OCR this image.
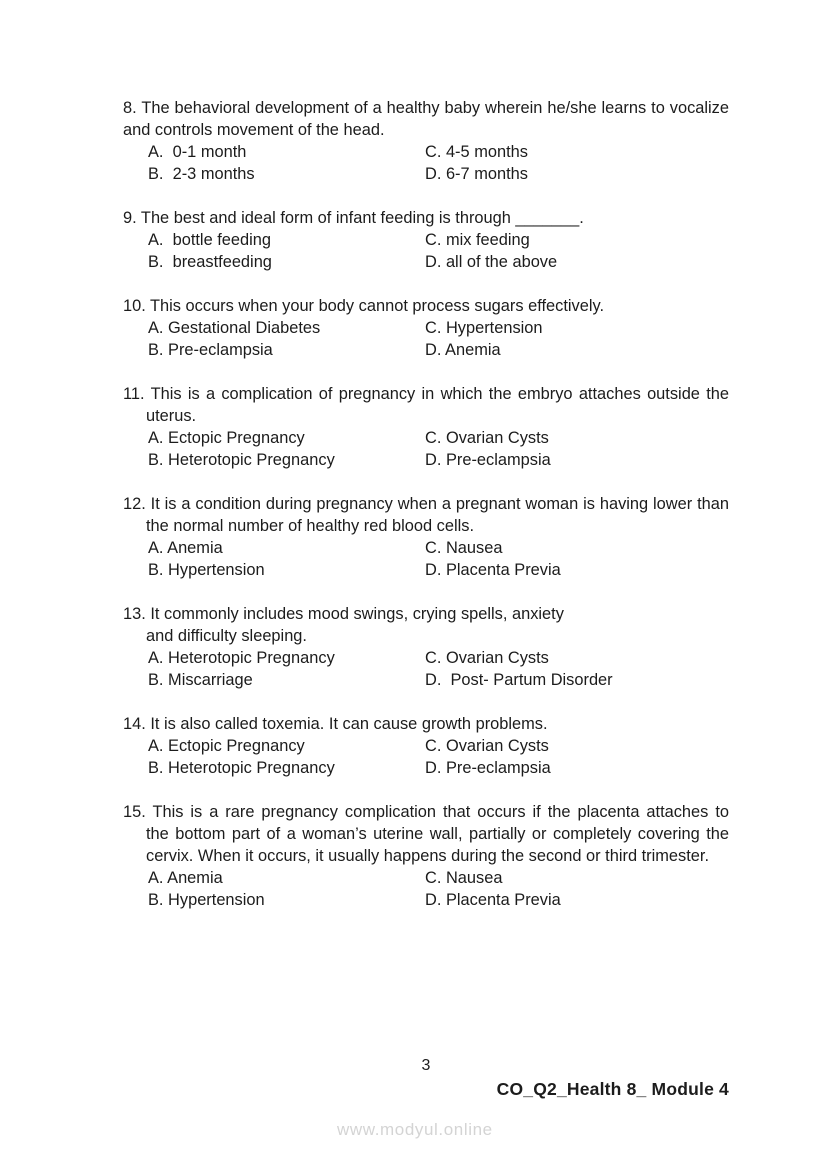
8. The behavioral development of a healthy baby wherein he/she learns to vocalize
and controls movement of the head.
A.  0-1 month	C. 4-5 months
B.  2-3 months	D. 6-7 months
9. The best and ideal form of infant feeding is through _______.
A.  bottle feeding	C. mix feeding
B.  breastfeeding	D. all of the above
10. This occurs when your body cannot process sugars effectively.
A. Gestational Diabetes	C. Hypertension
B. Pre-eclampsia	D. Anemia
11. This is a complication of pregnancy in which the embryo attaches outside the
uterus.
A. Ectopic Pregnancy	C. Ovarian Cysts
B. Heterotopic Pregnancy	D. Pre-eclampsia
12. It is a condition during pregnancy when a pregnant woman is having lower than
the normal number of healthy red blood cells.
A. Anemia	C. Nausea
B. Hypertension	D. Placenta Previa
13. It commonly includes mood swings, crying spells, anxiety
and difficulty sleeping.
A. Heterotopic Pregnancy	C. Ovarian Cysts
B. Miscarriage	D.  Post- Partum Disorder
14. It is also called toxemia. It can cause growth problems.
A. Ectopic Pregnancy	C. Ovarian Cysts
B. Heterotopic Pregnancy	D. Pre-eclampsia
15. This is a rare pregnancy complication that occurs if the placenta attaches to
the bottom part of a woman’s uterine wall, partially or completely covering the
cervix. When it occurs, it usually happens during the second or third trimester.
A. Anemia	C. Nausea
B. Hypertension	D. Placenta Previa
3
CO_Q2_Health 8_ Module 4
www.modyul.online
